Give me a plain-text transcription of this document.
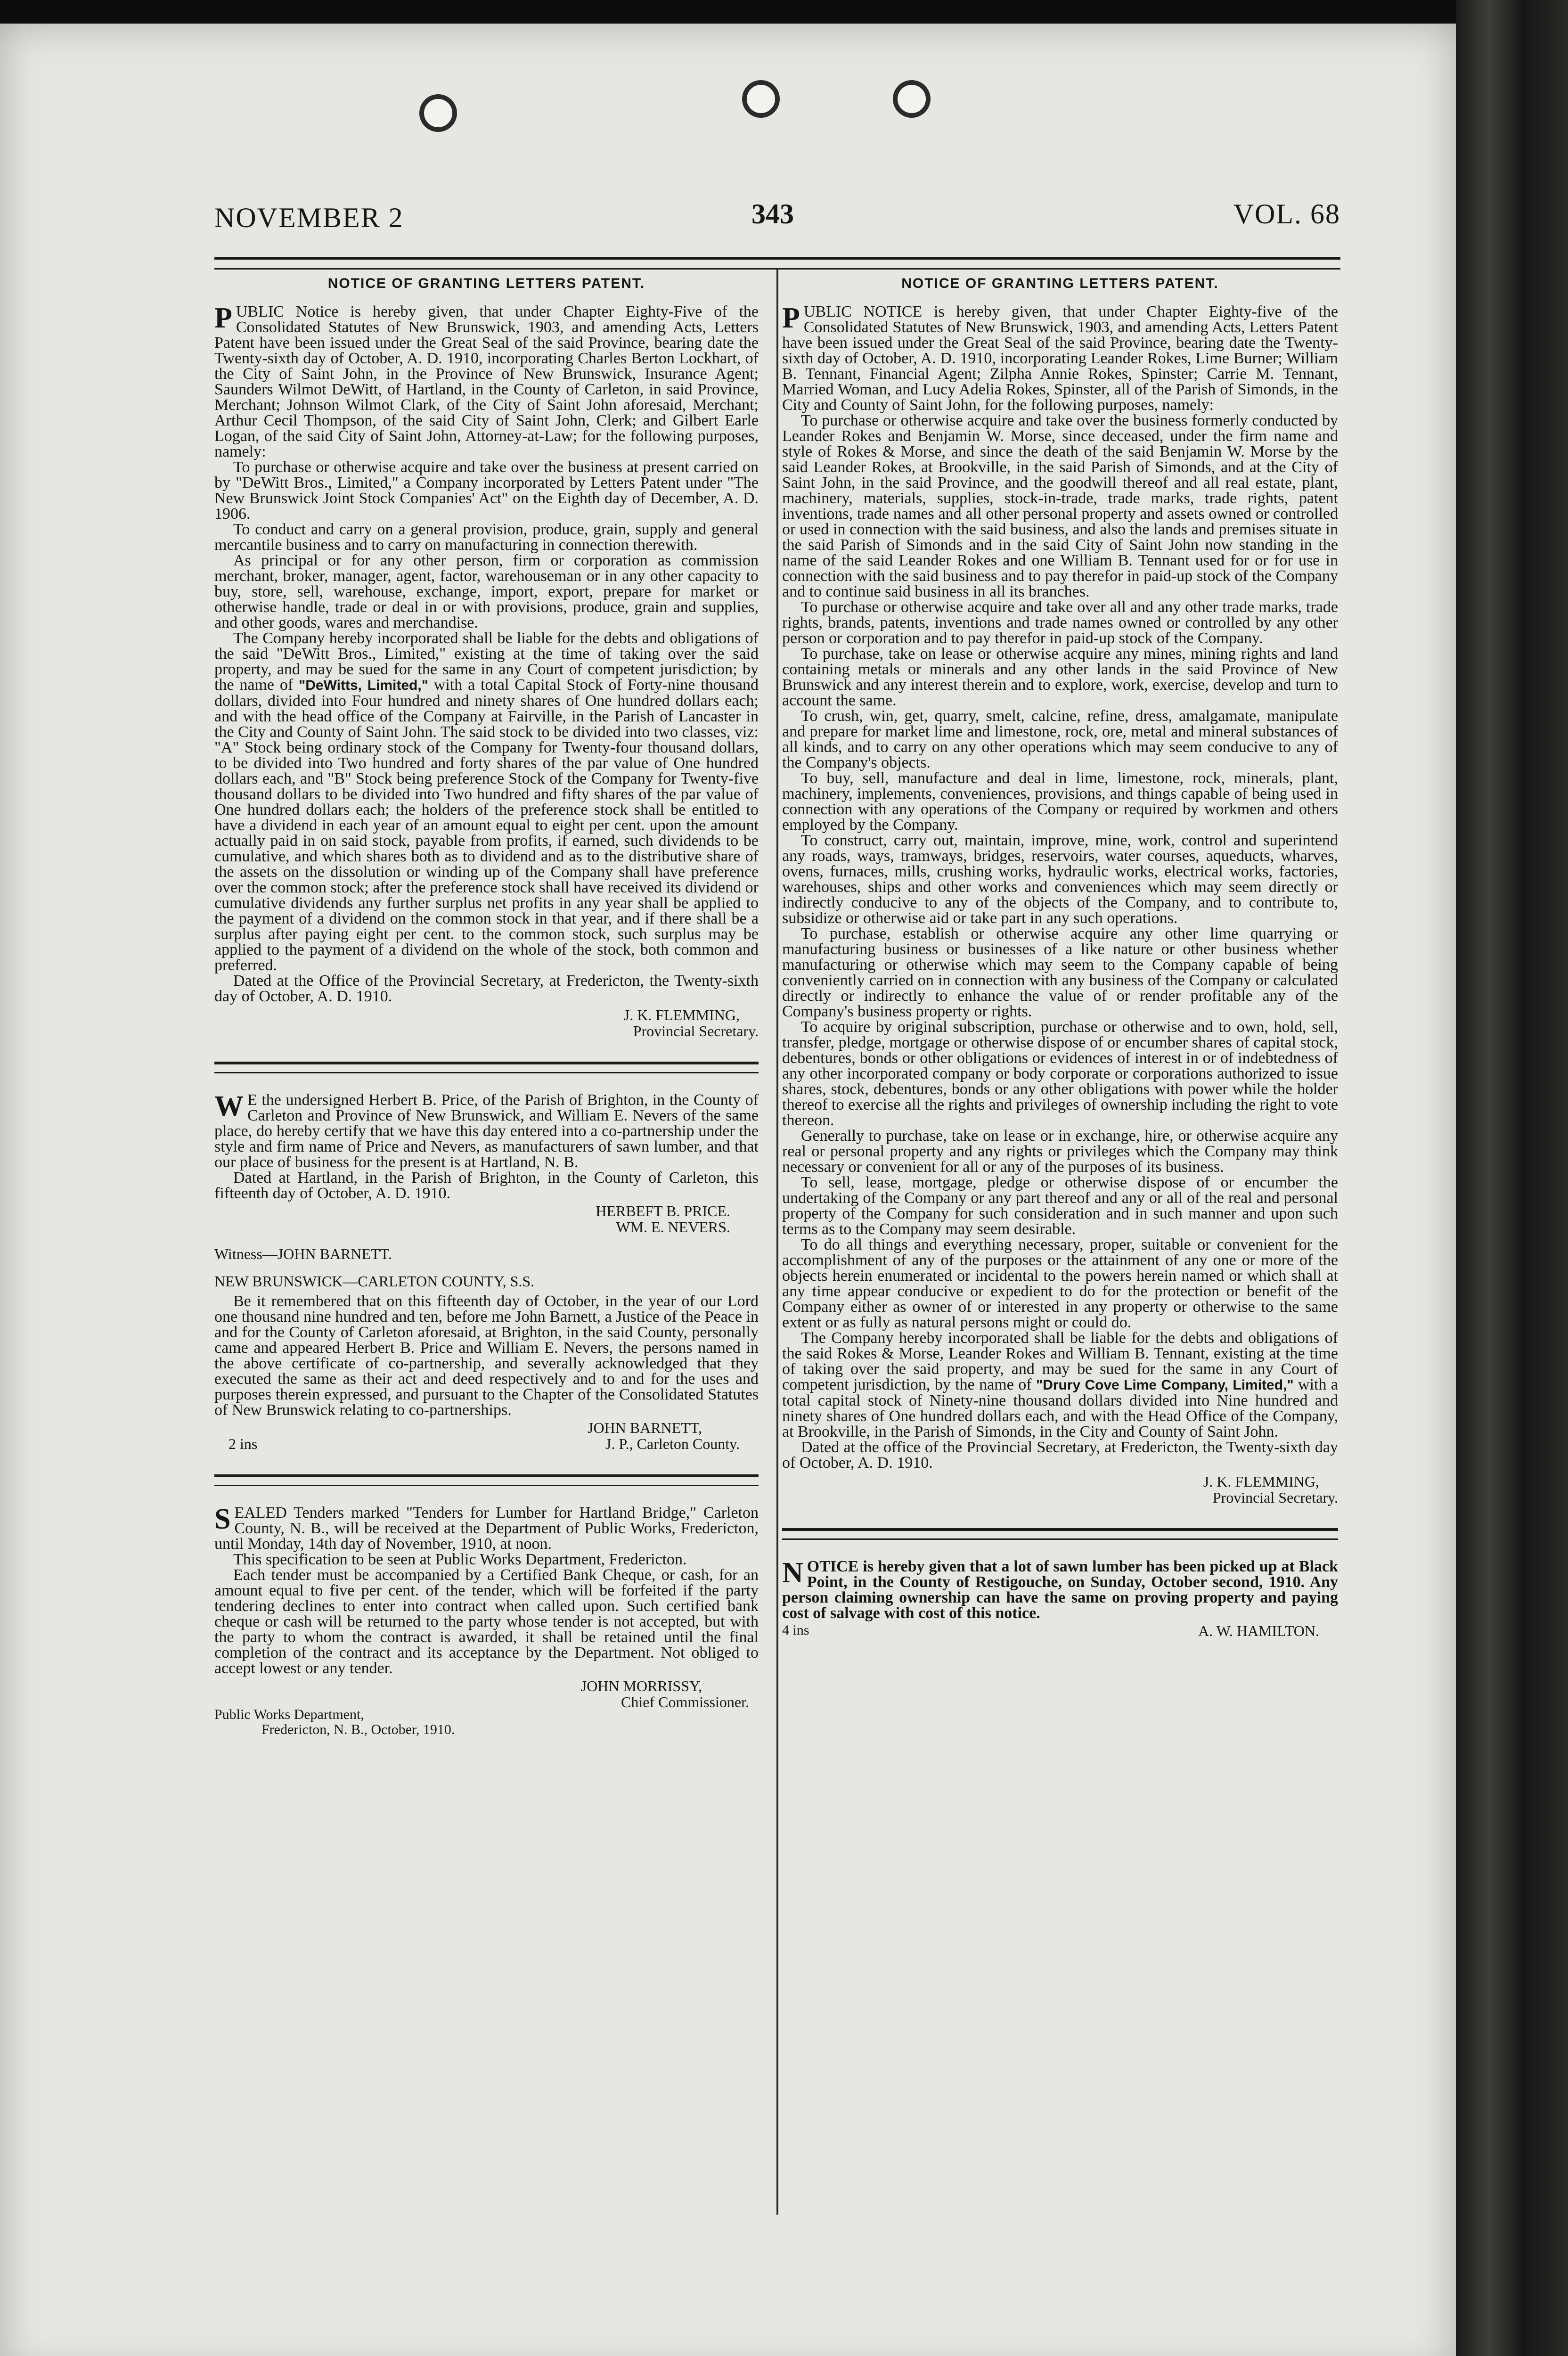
NOVEMBER 2	343	VOL. 68
NOTICE OF GRANTING LETTERS PATENT.

PUBLIC Notice is hereby given, that under Chapter Eighty-Five of the Consolidated Statutes of New Brunswick, 1903, and amending Acts, Letters Patent have been issued under the Great Seal of the said Province, bearing date the Twenty-sixth day of October, A. D. 1910, incorporating Charles Berton Lockhart, of the City of Saint John, in the Province of New Brunswick, Insurance Agent; Saunders Wilmot DeWitt, of Hartland, in the County of Carleton, in said Province, Merchant; Johnson Wilmot Clark, of the City of Saint John aforesaid, Merchant; Arthur Cecil Thompson, of the said City of Saint John, Clerk; and Gilbert Earle Logan, of the said City of Saint John, Attorney-at-Law; for the following purposes, namely:

To purchase or otherwise acquire and take over the business at present carried on by "DeWitt Bros., Limited," a Company incorporated by Letters Patent under "The New Brunswick Joint Stock Companies' Act" on the Eighth day of December, A. D. 1906.

To conduct and carry on a general provision, produce, grain, supply and general mercantile business and to carry on manufacturing in connection therewith.

As principal or for any other person, firm or corporation as commission merchant, broker, manager, agent, factor, warehouseman or in any other capacity to buy, store, sell, warehouse, exchange, import, export, prepare for market or otherwise handle, trade or deal in or with provisions, produce, grain and supplies, and other goods, wares and merchandise.

The Company hereby incorporated shall be liable for the debts and obligations of the said "DeWitt Bros., Limited," existing at the time of taking over the said property, and may be sued for the same in any Court of competent jurisdiction; by the name of "DeWitts, Limited," with a total Capital Stock of Forty-nine thousand dollars, divided into Four hundred and ninety shares of One hundred dollars each; and with the head office of the Company at Fairville, in the Parish of Lancaster in the City and County of Saint John. The said stock to be divided into two classes, viz: "A" Stock being ordinary stock of the Company for Twenty-four thousand dollars, to be divided into Two hundred and forty shares of the par value of One hundred dollars each, and "B" Stock being preference Stock of the Company for Twenty-five thousand dollars to be divided into Two hundred and fifty shares of the par value of One hundred dollars each; the holders of the preference stock shall be entitled to have a dividend in each year of an amount equal to eight per cent. upon the amount actually paid in on said stock, payable from profits, if earned, such dividends to be cumulative, and which shares both as to dividend and as to the distributive share of the assets on the dissolution or winding up of the Company shall have preference over the common stock; after the preference stock shall have received its dividend or cumulative dividends any further surplus net profits in any year shall be applied to the payment of a dividend on the common stock in that year, and if there shall be a surplus after paying eight per cent. to the common stock, such surplus may be applied to the payment of a dividend on the whole of the stock, both common and preferred.

Dated at the Office of the Provincial Secretary, at Fredericton, the Twenty-sixth day of October, A. D. 1910.

J. K. FLEMMING,
Provincial Secretary.

W E the undersigned Herbert B. Price, of the Parish of Brighton, in the County of Carleton and Province of New Brunswick, and William E. Nevers of the same place, do hereby certify that we have this day entered into a co-partnership under the style and firm name of Price and Nevers, as manufacturers of sawn lumber, and that our place of business for the present is at Hartland, N. B.

Dated at Hartland, in the Parish of Brighton, in the County of Carleton, this fifteenth day of October, A. D. 1910.

HERBEFT B. PRICE.
WM. E. NEVERS.
Witness—JOHN BARNETT.
NEW BRUNSWICK—CARLETON COUNTY, S.S.

Be it remembered that on this fifteenth day of October, in the year of our Lord one thousand nine hundred and ten, before me John Barnett, a Justice of the Peace in and for the County of Carleton aforesaid, at Brighton, in the said County, personally came and appeared Herbert B. Price and William E. Nevers, the persons named in the above certificate of co-partnership, and severally acknowledged that they executed the same as their act and deed respectively and to and for the uses and purposes therein expressed, and pursuant to the Chapter of the Consolidated Statutes of New Brunswick relating to co-partnerships.

JOHN BARNETT,
2 ins	J. P., Carleton County.

SEALED Tenders marked "Tenders for Lumber for Hartland Bridge," Carleton County, N. B., will be received at the Department of Public Works, Fredericton, until Monday, 14th day of November, 1910, at noon.

This specification to be seen at Public Works Department, Fredericton.

Each tender must be accompanied by a Certified Bank Cheque, or cash, for an amount equal to five per cent. of the tender, which will be forfeited if the party tendering declines to enter into contract when called upon. Such certified bank cheque or cash will be returned to the party whose tender is not accepted, but with the party to whom the contract is awarded, it shall be retained until the final completion of the contract and its acceptance by the Department. Not obliged to accept lowest or any tender.

JOHN MORRISSY,
Chief Commissioner.
Public Works Department,
Fredericton, N. B., October, 1910.
NOTICE OF GRANTING LETTERS PATENT.

PUBLIC NOTICE is hereby given, that under Chapter Eighty-five of the Consolidated Statutes of New Brunswick, 1903, and amending Acts, Letters Patent have been issued under the Great Seal of the said Province, bearing date the Twenty-sixth day of October, A. D. 1910, incorporating Leander Rokes, Lime Burner; William B. Tennant, Financial Agent; Zilpha Annie Rokes, Spinster; Carrie M. Tennant, Married Woman, and Lucy Adelia Rokes, Spinster, all of the Parish of Simonds, in the City and County of Saint John, for the following purposes, namely:

To purchase or otherwise acquire and take over the business formerly conducted by Leander Rokes and Benjamin W. Morse, since deceased, under the firm name and style of Rokes & Morse, and since the death of the said Benjamin W. Morse by the said Leander Rokes, at Brookville, in the said Parish of Simonds, and at the City of Saint John, in the said Province, and the goodwill thereof and all real estate, plant, machinery, materials, supplies, stock-in-trade, trade marks, trade rights, patent inventions, trade names and all other personal property and assets owned or controlled or used in connection with the said business, and also the lands and premises situate in the said Parish of Simonds and in the said City of Saint John now standing in the name of the said Leander Rokes and one William B. Tennant used for or for use in connection with the said business and to pay therefor in paid-up stock of the Company and to continue said business in all its branches.

To purchase or otherwise acquire and take over all and any other trade marks, trade rights, brands, patents, inventions and trade names owned or controlled by any other person or corporation and to pay therefor in paid-up stock of the Company.

To purchase, take on lease or otherwise acquire any mines, mining rights and land containing metals or minerals and any other lands in the said Province of New Brunswick and any interest therein and to explore, work, exercise, develop and turn to account the same.

To crush, win, get, quarry, smelt, calcine, refine, dress, amalgamate, manipulate and prepare for market lime and limestone, rock, ore, metal and mineral substances of all kinds, and to carry on any other operations which may seem conducive to any of the Company's objects.

To buy, sell, manufacture and deal in lime, limestone, rock, minerals, plant, machinery, implements, conveniences, provisions, and things capable of being used in connection with any operations of the Company or required by workmen and others employed by the Company.

To construct, carry out, maintain, improve, mine, work, control and superintend any roads, ways, tramways, bridges, reservoirs, water courses, aqueducts, wharves, ovens, furnaces, mills, crushing works, hydraulic works, electrical works, factories, warehouses, ships and other works and conveniences which may seem directly or indirectly conducive to any of the objects of the Company, and to contribute to, subsidize or otherwise aid or take part in any such operations.

To purchase, establish or otherwise acquire any other lime quarrying or manufacturing business or businesses of a like nature or other business whether manufacturing or otherwise which may seem to the Company capable of being conveniently carried on in connection with any business of the Company or calculated directly or indirectly to enhance the value of or render profitable any of the Company's business property or rights.

To acquire by original subscription, purchase or otherwise and to own, hold, sell, transfer, pledge, mortgage or otherwise dispose of or encumber shares of capital stock, debentures, bonds or other obligations or evidences of interest in or of indebtedness of any other incorporated company or body corporate or corporations authorized to issue shares, stock, debentures, bonds or any other obligations with power while the holder thereof to exercise all the rights and privileges of ownership including the right to vote thereon.

Generally to purchase, take on lease or in exchange, hire, or otherwise acquire any real or personal property and any rights or privileges which the Company may think necessary or convenient for all or any of the purposes of its business.

To sell, lease, mortgage, pledge or otherwise dispose of or encumber the undertaking of the Company or any part thereof and any or all of the real and personal property of the Company for such consideration and in such manner and upon such terms as to the Company may seem desirable.

To do all things and everything necessary, proper, suitable or convenient for the accomplishment of any of the purposes or the attainment of any one or more of the objects herein enumerated or incidental to the powers herein named or which shall at any time appear conducive or expedient to do for the protection or benefit of the Company either as owner of or interested in any property or otherwise to the same extent or as fully as natural persons might or could do.

The Company hereby incorporated shall be liable for the debts and obligations of the said Rokes & Morse, Leander Rokes and William B. Tennant, existing at the time of taking over the said property, and may be sued for the same in any Court of competent jurisdiction, by the name of "Drury Cove Lime Company, Limited," with a total capital stock of Ninety-nine thousand dollars divided into Nine hundred and ninety shares of One hundred dollars each, and with the Head Office of the Company, at Brookville, in the Parish of Simonds, in the City and County of Saint John.

Dated at the office of the Provincial Secretary, at Fredericton, the Twenty-sixth day of October, A. D. 1910.

J. K. FLEMMING,
Provincial Secretary.

NOTICE is hereby given that a lot of sawn lumber has been picked up at Black Point, in the County of Restigouche, on Sunday, October second, 1910. Any person claiming ownership can have the same on proving property and paying cost of salvage with cost of this notice.

4 ins	A. W. HAMILTON.
